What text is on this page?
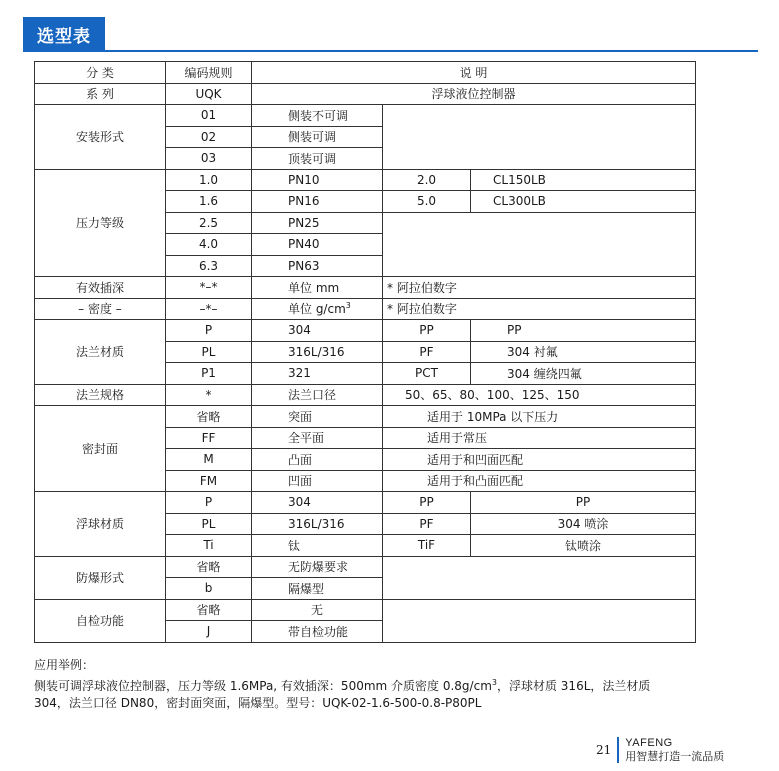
选型表
分 类	编码规则	说 明		
系 列	UQK	浮球液位控制器		
安装形式	01	侧装不可调		
	02	侧装可调		
	03	顶装可调		
压力等级	1.0	PN10	2.0	CL150LB
	1.6	PN16	5.0	CL300LB
	2.5	PN25		
	4.0	PN40		
	6.3	PN63		
有效插深	*–*	单位 mm	* 阿拉伯数字	
– 密度 –	–*–	单位 $g/cm^3$	* 阿拉伯数字	
法兰材质	P	304	PP	PP
	PL	316L/316	PF	304 衬氟
	P1	321	PCT	304 缠绕四氟
法兰规格	*	法兰口径	50、65、80、100、125、150	
密封面	省略	突面	适用于 10MPa 以下压力	
	FF	全平面	适用于常压	
	M	凸面	适用于和凹面匹配	
	FM	凹面	适用于和凸面匹配	
浮球材质	P	304	PP	PP
	PL	316L/316	PF	304 喷涂
	Ti	钛	TiF	钛喷涂
防爆形式	省略	无防爆要求		
	b	隔爆型		
自检功能	省略	无		
	J	带自检功能		

应用举例：

侧装可调浮球液位控制器，压力等级 1.6MPa, 有效插深：500mm 介质密度 $0.8g/cm^3$，浮球材质 316L，法兰材质

304，法兰口径 DN80，密封面突面，隔爆型。型号：UQK-02-1.6-500-0.8-P80PL

21 YAFENG
用智慧打造一流品质
